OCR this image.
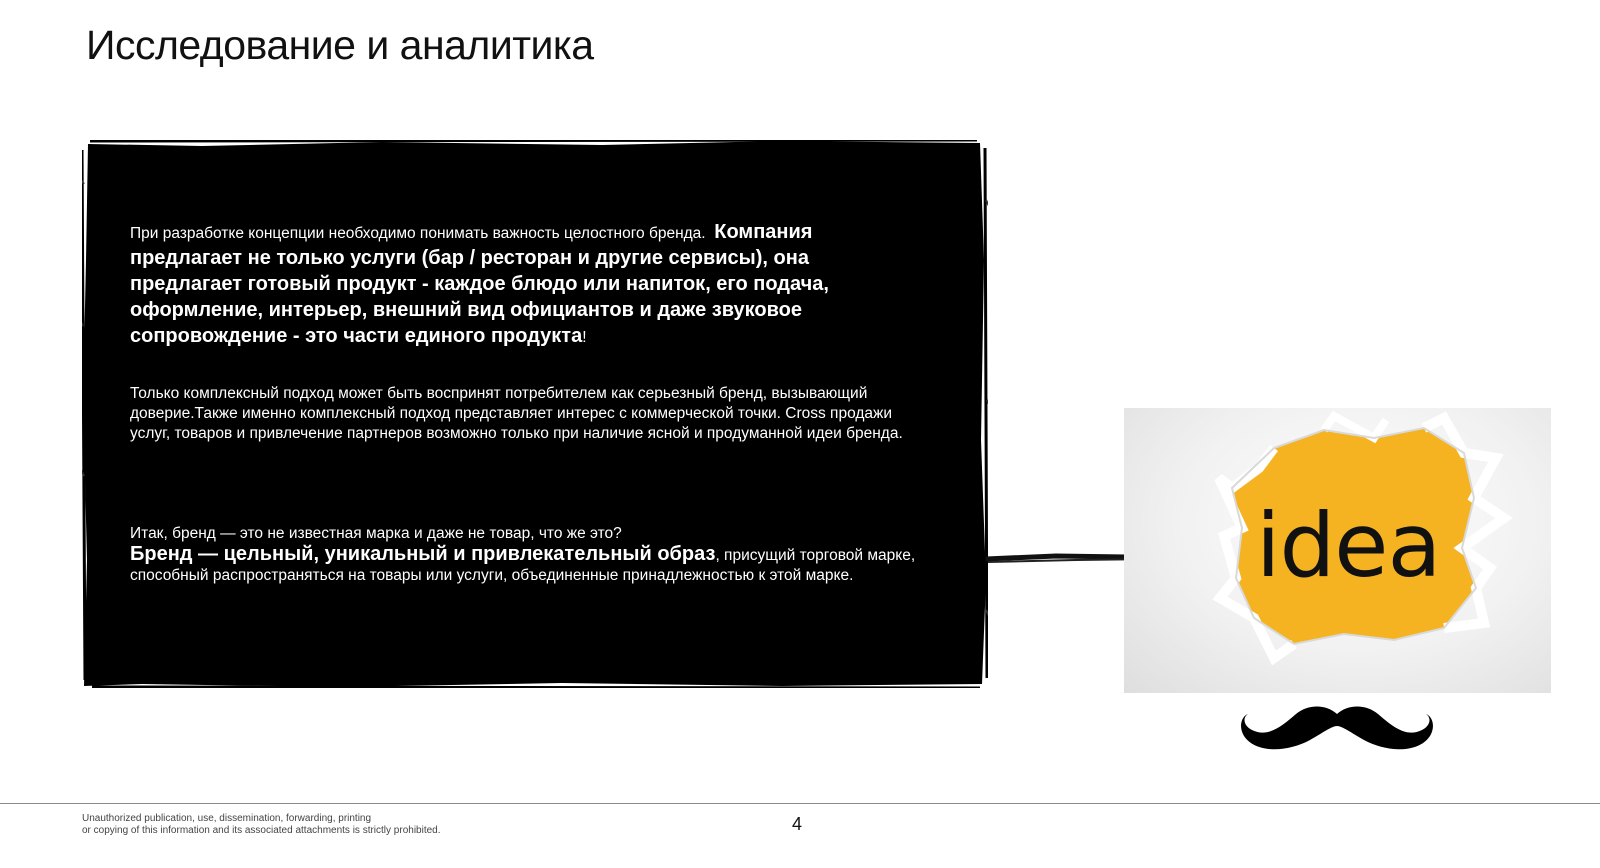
Исследование и аналитика
При разработке концепции необходимо понимать важность целостного бренда. Компания предлагает не только услуги (бар / ресторан и другие сервисы), она предлагает готовый продукт - каждое блюдо или напиток, его подача, оформление, интерьер, внешний вид официантов и даже звуковое сопровождение - это части единого продукта!
Только комплексный подход может быть воспринят потребителем как серьезный бренд, вызывающий доверие.Также именно комплексный подход представляет интерес с коммерческой точки. Cross продажи услуг, товаров и привлечение партнеров возможно только при наличие ясной и продуманной идеи бренда.
Итак, бренд — это не известная марка и даже не товар, что же это?
Бренд — цельный, уникальный и привлекательный образ, присущий торговой марке, способный распространяться на товары или услуги, объединенные принадлежностью к этой марке.	idea
Unauthorized publication, use, dissemination, forwarding, printing
or copying of this information and its associated attachments is strictly prohibited.	4
